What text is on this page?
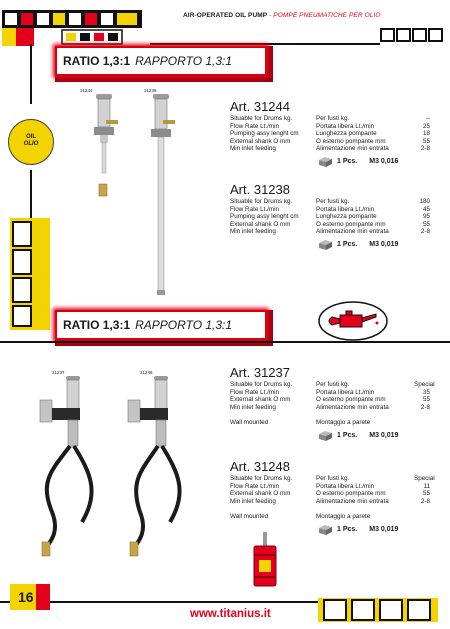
AIR-OPERATED OIL PUMP - POMPE PNEUMATICHE PER OLIO
RATIO 1,3:1 RAPPORTO 1,3:1
OIL
OLIO
31244	31238
Art. 31244
Situable for Drums kg.	Per fusti kg.	--
Flow Rate Lt./min	Portata libera Lt./min	25
Pumping assy lenght cm	Lunghezza pompante	18
External shank O mm	O esterno pompante mm	55
Min inlet feeding	Alimentazione min entrata	2-8
1 Pcs. M3 0,016
Art. 31238
Situable for Drums kg.	Per fusti kg.	180
Flow Rate Lt./min	Portata libera Lt./min	45
Pumping assy lenght cm	Lunghezza pompante	95
External shank O mm	O esterno pompante mm	55
Min inlet feeding	Alimentazione min entrata	2-8
1 Pcs. M3 0,019
RATIO 1,3:1 RAPPORTO 1,3:1
31237	31248	Art. 31237
Situable for Drums kg.	Per fusti kg.	Special
Flow Rate Lt./min	Portata libera Lt./min	35
External shank O mm	O esterno pompante mm	55
Min inlet feeding	Alimentazione min entrata	2-8
Wall mounted	Montaggio a parete
1 Pcs. M3 0,019
Art. 31248
Situable for Drums kg.	Per fusti kg.	Special
Flow Rate Lt./min	Portata libera Lt./min	11
External shank O mm	O esterno pompante mm	55
Min inlet feeding	Alimentazione min entrata	2-8
Wall mounted	Montaggio a parete
1 Pcs. M3 0,019
16
www.titanius.it
